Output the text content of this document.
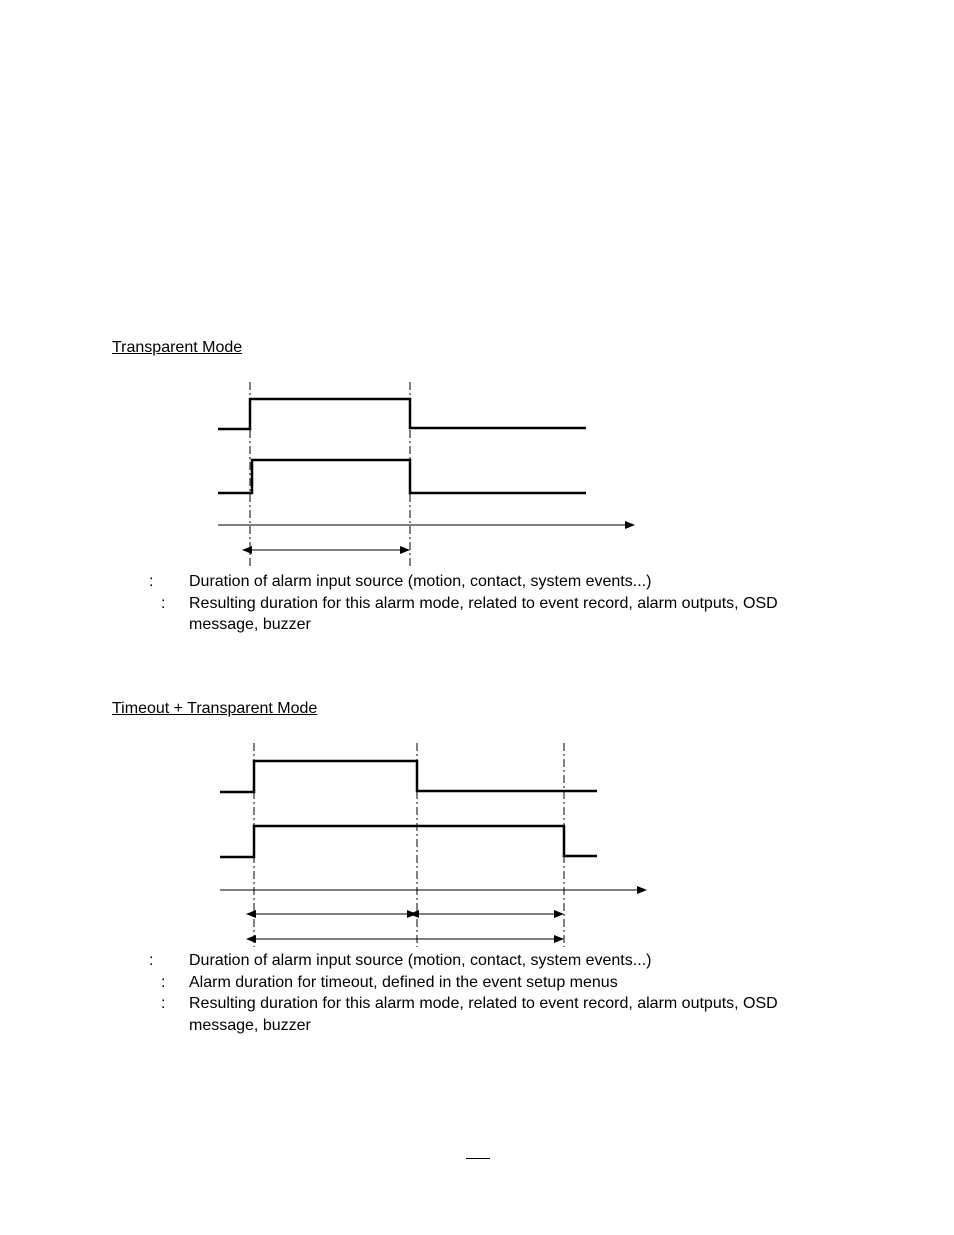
Transparent Mode
: Duration of alarm input source (motion, contact, system events...)
: Resulting duration for this alarm mode, related to event record, alarm outputs, OSD message, buzzer
Timeout + Transparent Mode
: Duration of alarm input source (motion, contact, system events...)
: Alarm duration for timeout, defined in the event setup menus
: Resulting duration for this alarm mode, related to event record, alarm outputs, OSD message, buzzer
